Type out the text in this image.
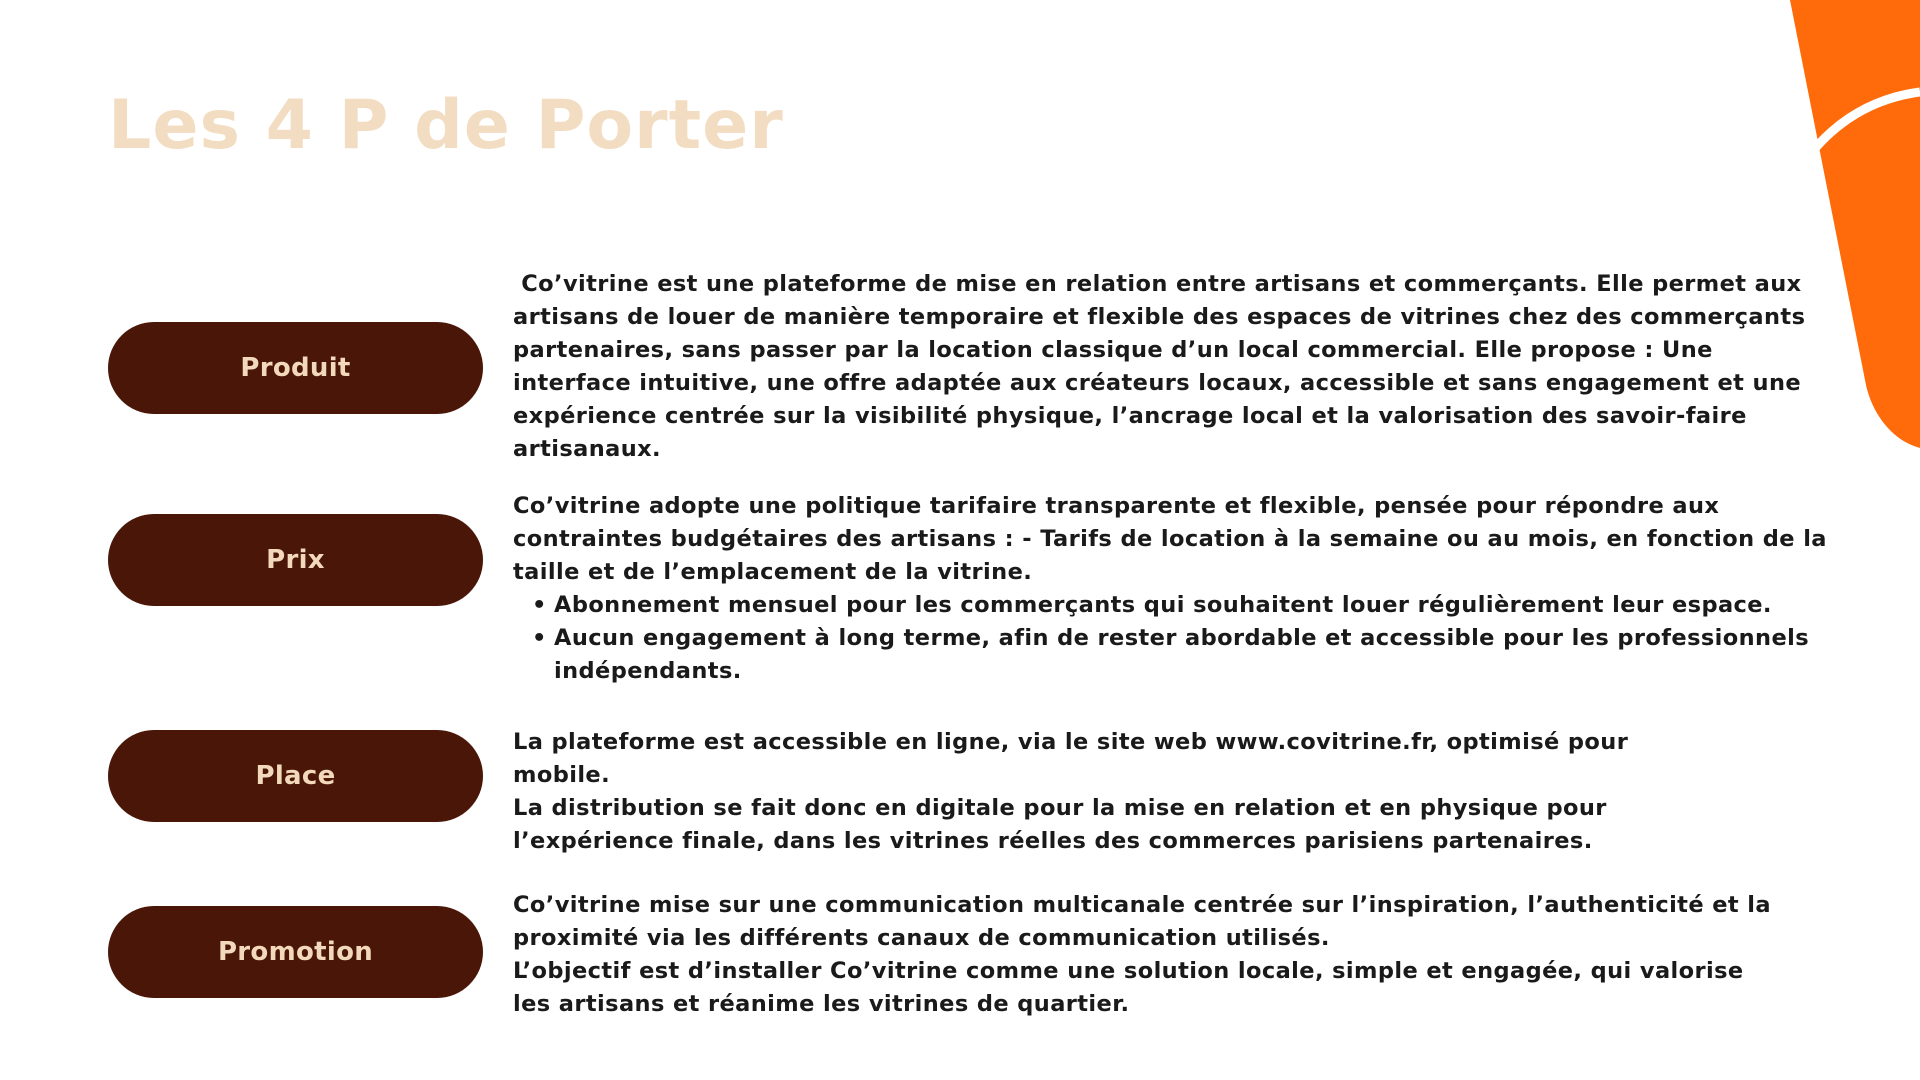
Les 4 P de Porter
Produit

Co’vitrine est une plateforme de mise en relation entre artisans et commerçants. Elle permet aux artisans de louer de manière temporaire et flexible des espaces de vitrines chez des commerçants partenaires, sans passer par la location classique d’un local commercial. Elle propose : Une interface intuitive, une offre adaptée aux créateurs locaux, accessible et sans engagement et une expérience centrée sur la visibilité physique, l’ancrage local et la valorisation des savoir-faire artisanaux.

Prix

Co’vitrine adopte une politique tarifaire transparente et flexible, pensée pour répondre aux contraintes budgétaires des artisans : - Tarifs de location à la semaine ou au mois, en fonction de la taille et de l’emplacement de la vitrine.

• Abonnement mensuel pour les commerçants qui souhaitent louer régulièrement leur espace.
• Aucun engagement à long terme, afin de rester abordable et accessible pour les professionnels indépendants.
Place

La plateforme est accessible en ligne, via le site web www.covitrine.fr, optimisé pour mobile.

La distribution se fait donc en digitale pour la mise en relation et en physique pour l’expérience finale, dans les vitrines réelles des commerces parisiens partenaires.

Promotion

Co’vitrine mise sur une communication multicanale centrée sur l’inspiration, l’authenticité et la proximité via les différents canaux de communication utilisés.

L’objectif est d’installer Co’vitrine comme une solution locale, simple et engagée, qui valorise les artisans et réanime les vitrines de quartier.
